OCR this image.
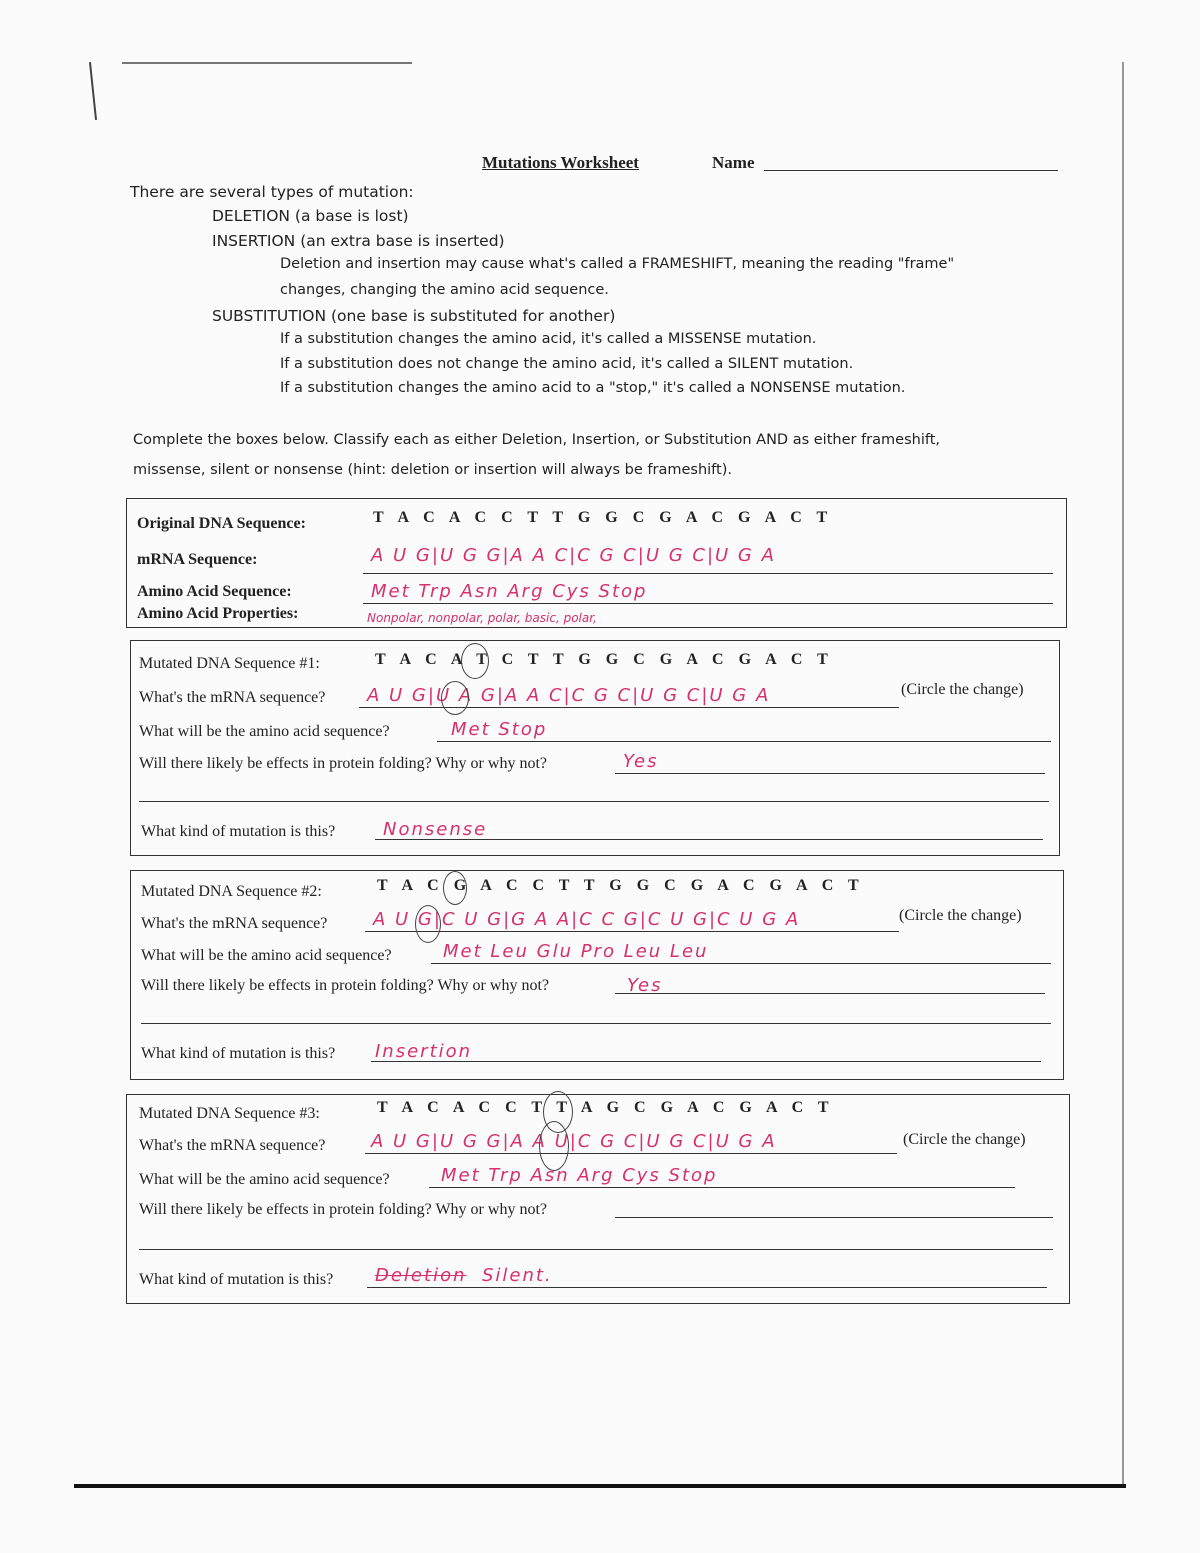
Mutations Worksheet	Name
There are several types of mutation:
DELETION (a base is lost)
INSERTION (an extra base is inserted)
Deletion and insertion may cause what's called a FRAMESHIFT, meaning the reading "frame"
changes, changing the amino acid sequence.
SUBSTITUTION (one base is substituted for another)
If a substitution changes the amino acid, it's called a MISSENSE mutation.
If a substitution does not change the amino acid, it's called a SILENT mutation.
If a substitution changes the amino acid to a "stop," it's called a NONSENSE mutation.
Complete the boxes below. Classify each as either Deletion, Insertion, or Substitution AND as either frameshift,
missense, silent or nonsense (hint: deletion or insertion will always be frameshift).
Original DNA Sequence:	T A C A C C T T G G C G A C G A C T
mRNA Sequence:	A U G|U G G|A A C|C G C|U G C|U G A
Amino Acid Sequence:	Met Trp Asn Arg Cys Stop
Amino Acid Properties:	Nonpolar, nonpolar, polar, basic, polar,
Mutated DNA Sequence #1:	T A C A T C T T G G C G A C G A C T
What's the mRNA sequence? A U G|U A G|A A C|C G C|U G C|U G A	(Circle the change)
What will be the amino acid sequence?	Met Stop
Will there likely be effects in protein folding? Why or why not?	Yes
What kind of mutation is this?	Nonsense
Mutated DNA Sequence #2:	T A C G A C C T T G G C G A C G A C T
What's the mRNA sequence?	A U G|C U G|G A A|C C G|C U G|C U G A	(Circle the change)
What will be the amino acid sequence?	Met Leu Glu Pro Leu Leu
Will there likely be effects in protein folding? Why or why not?	Yes
What kind of mutation is this? Insertion
Mutated DNA Sequence #3:	T A C A C C T T A G C G A C G A C T
What's the mRNA sequence?	A U G|U G G|A A U|C G C|U G C|U G A	(Circle the change)
What will be the amino acid sequence?	Met Trp Asn Arg Cys Stop
Will there likely be effects in protein folding? Why or why not?
What kind of mutation is this? Deletion Silent.
